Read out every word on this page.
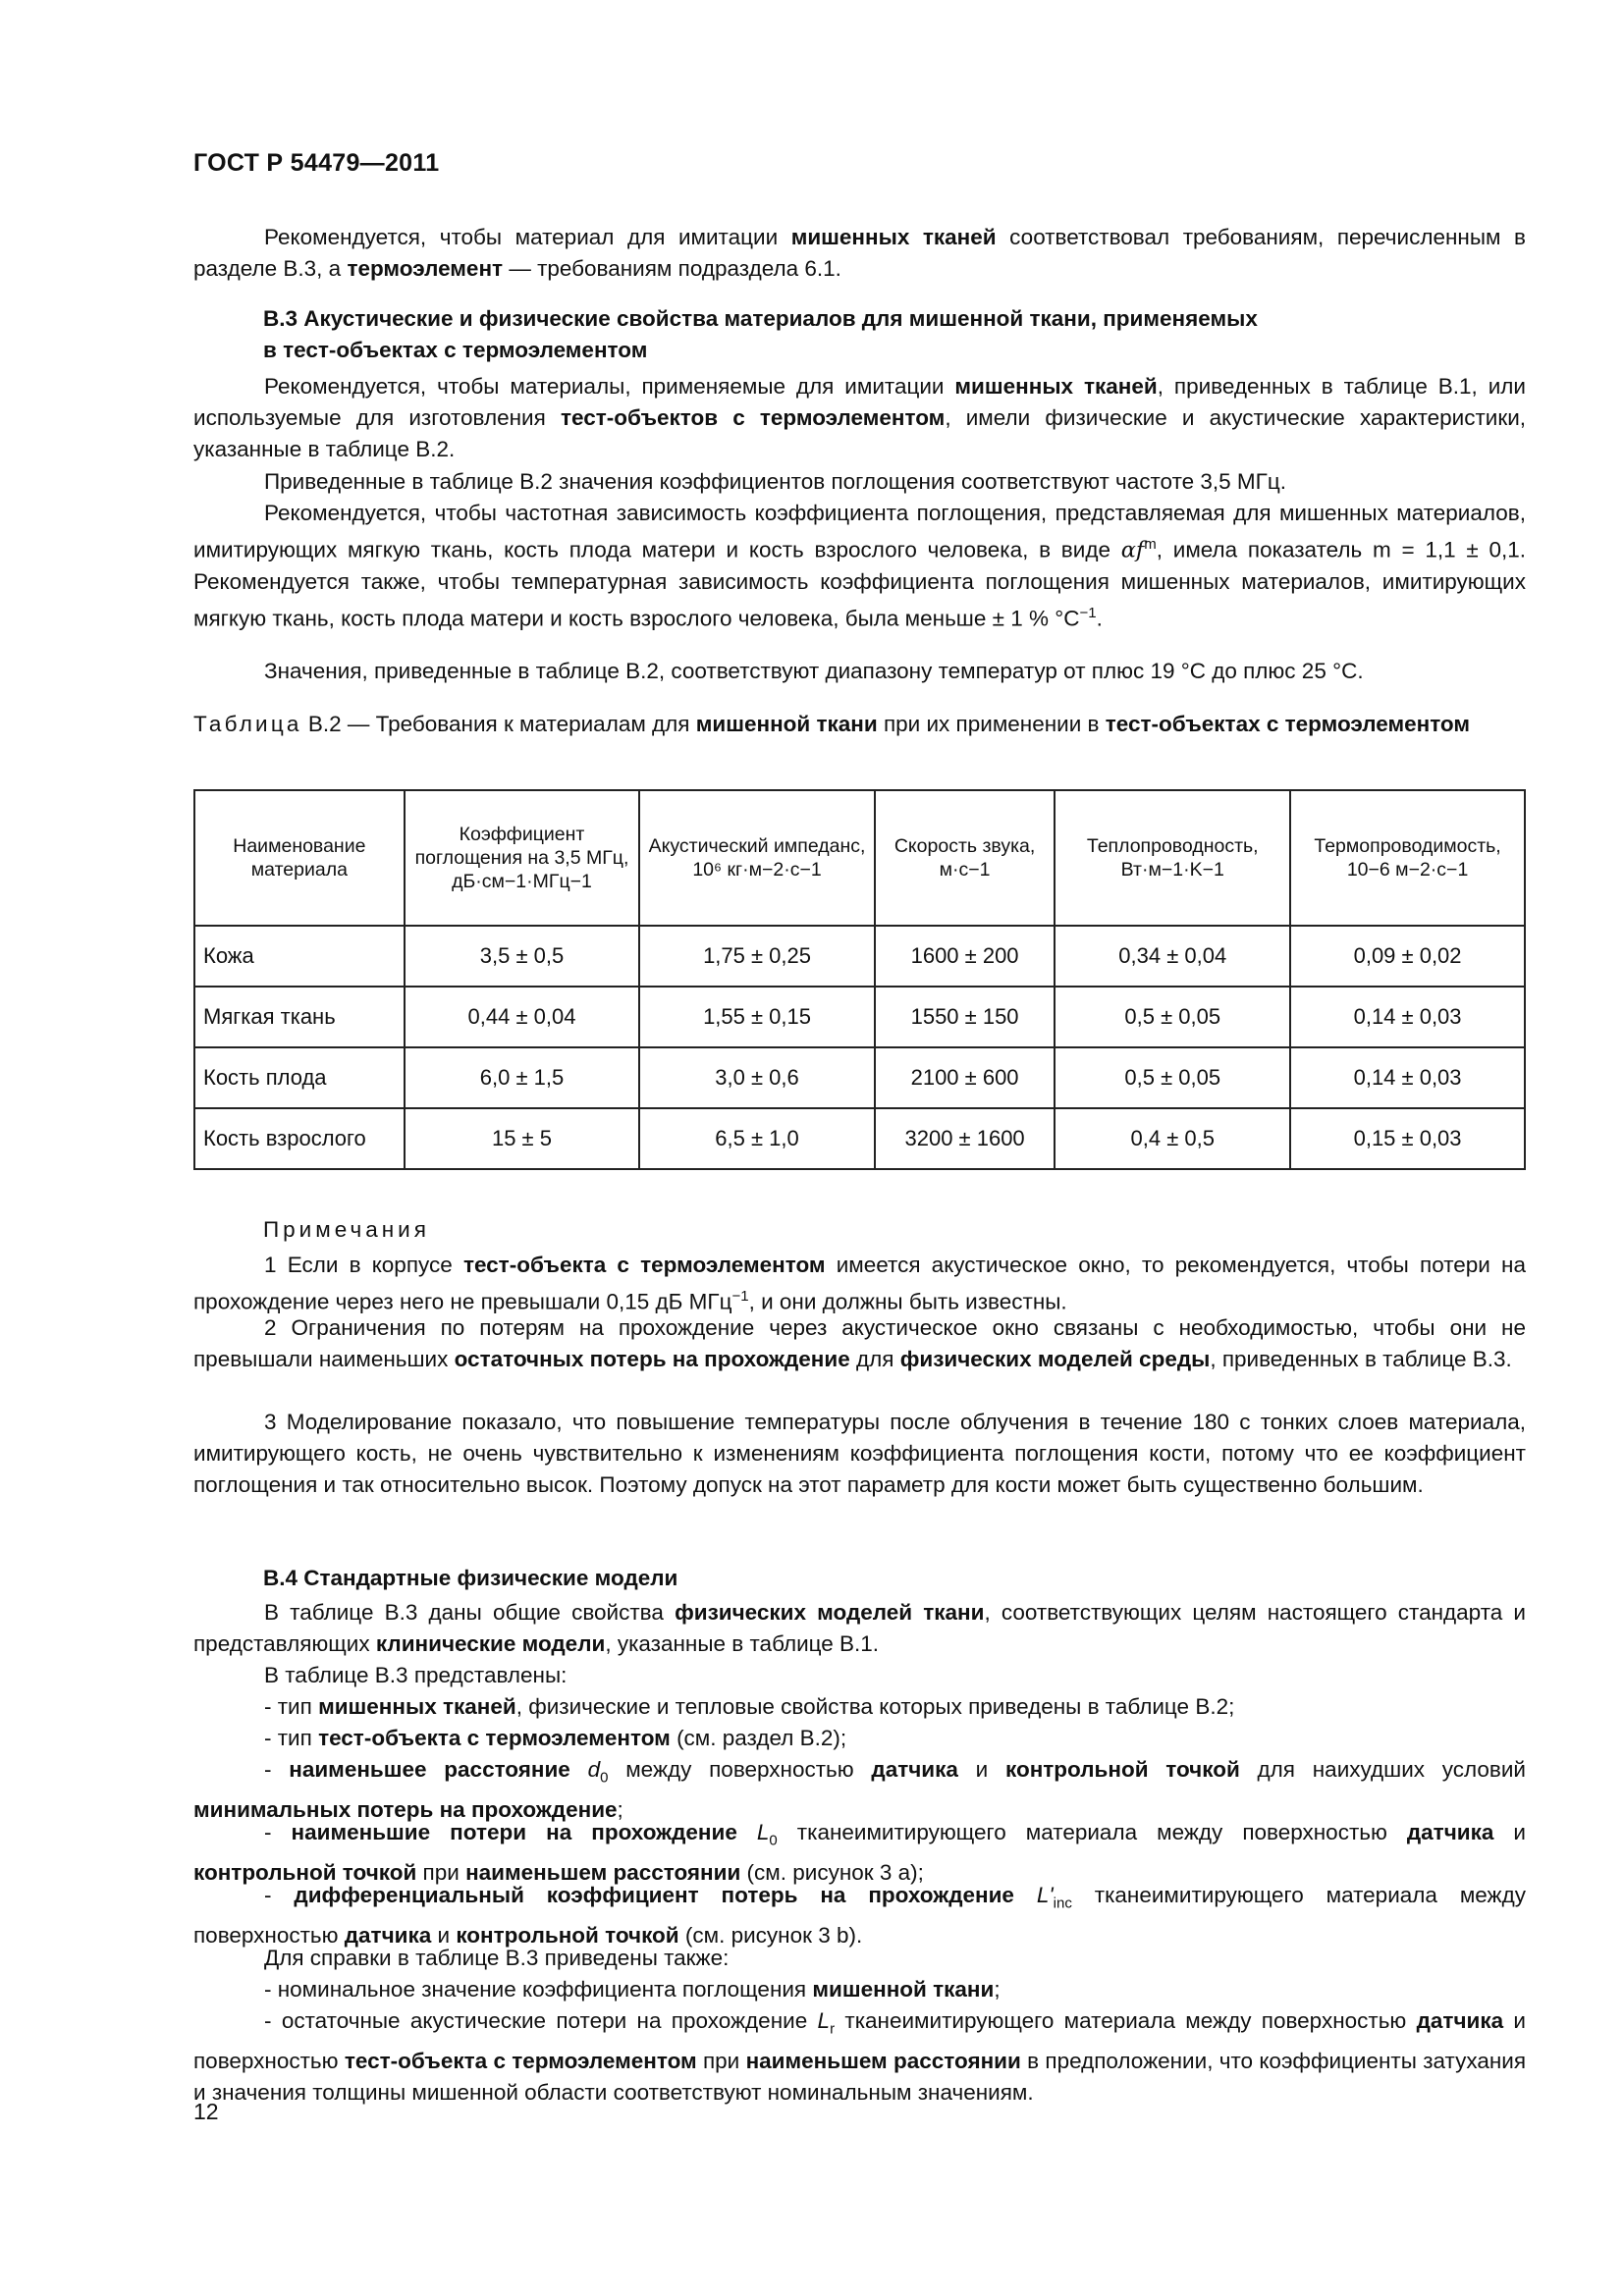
ГОСТ Р 54479—2011

Рекомендуется, чтобы материал для имитации мишенных тканей соответствовал требованиям, перечисленным в разделе В.3, а термоэлемент — требованиям подраздела 6.1.

В.3 Акустические и физические свойства материалов для мишенной ткани, применяемых
в тест-объектах с термоэлементом

Рекомендуется, чтобы материалы, применяемые для имитации мишенных тканей, приведенных в таблице В.1, или используемые для изготовления тест-объектов с термоэлементом, имели физические и акустические характеристики, указанные в таблице В.2.

Приведенные в таблице В.2 значения коэффициентов поглощения соответствуют частоте 3,5 МГц.

Рекомендуется, чтобы частотная зависимость коэффициента поглощения, представляемая для мишенных материалов, имитирующих мягкую ткань, кость плода матери и кость взрослого человека, в виде $\alpha f^m$, имела показатель m = 1,1 ± 0,1. Рекомендуется также, чтобы температурная зависимость коэффициента поглощения мишенных материалов, имитирующих мягкую ткань, кость плода матери и кость взрослого человека, была меньше ± 1 % $^\circ С^{-1}$.

Значения, приведенные в таблице В.2, соответствуют диапазону температур от плюс 19 °С до плюс 25 °С.

Таблица В.2 — Требования к материалам для мишенной ткани при их применении в тест-объектах с термоэлементом

Наименование материала	Коэффициент поглощения на 3,5 МГц, дБ·см−1·МГц−1	Акустический импеданс, 10⁶ кг·м−2·с−1	Скорость звука, м·с−1	Теплопроводность, Вт·м−1·K−1	Термопроводимость, 10−6 м−2·с−1
Кожа	3,5 ± 0,5	1,75 ± 0,25	1600 ± 200	0,34 ± 0,04	0,09 ± 0,02
Мягкая ткань	0,44 ± 0,04	1,55 ± 0,15	1550 ± 150	0,5 ± 0,05	0,14 ± 0,03
Кость плода	6,0 ± 1,5	3,0 ± 0,6	2100 ± 600	0,5 ± 0,05	0,14 ± 0,03
Кость взрослого	15 ± 5	6,5 ± 1,0	3200 ± 1600	0,4 ± 0,5	0,15 ± 0,03

Примечания

1 Если в корпусе тест-объекта с термоэлементом имеется акустическое окно, то рекомендуется, чтобы потери на прохождение через него не превышали 0,15 дБ МГц$^{-1}$, и они должны быть известны.

2 Ограничения по потерям на прохождение через акустическое окно связаны с необходимостью, чтобы они не превышали наименьших остаточных потерь на прохождение для физических моделей среды, приведенных в таблице В.3.

3 Моделирование показало, что повышение температуры после облучения в течение 180 с тонких слоев материала, имитирующего кость, не очень чувствительно к изменениям коэффициента поглощения кости, потому что ее коэффициент поглощения и так относительно высок. Поэтому допуск на этот параметр для кости может быть существенно большим.

В.4 Стандартные физические модели

В таблице В.3 даны общие свойства физических моделей ткани, соответствующих целям настоящего стандарта и представляющих клинические модели, указанные в таблице В.1.

В таблице В.3 представлены:

- тип мишенных тканей, физические и тепловые свойства которых приведены в таблице В.2;

- тип тест-объекта с термоэлементом (см. раздел В.2);

- наименьшее расстояние $d_0$ между поверхностью датчика и контрольной точкой для наихудших условий минимальных потерь на прохождение;

- наименьшие потери на прохождение $L_0$ тканеимитирующего материала между поверхностью датчика и контрольной точкой при наименьшем расстоянии (см. рисунок 3 а);

- дифференциальный коэффициент потерь на прохождение $L'_{inc}$ тканеимитирующего материала между поверхностью датчика и контрольной точкой (см. рисунок 3 b).

Для справки в таблице В.3 приведены также:

- номинальное значение коэффициента поглощения мишенной ткани;

- остаточные акустические потери на прохождение $L_r$ тканеимитирующего материала между поверхностью датчика и поверхностью тест-объекта с термоэлементом при наименьшем расстоянии в предположении, что коэффициенты затухания и значения толщины мишенной области соответствуют номинальным значениям.

12
